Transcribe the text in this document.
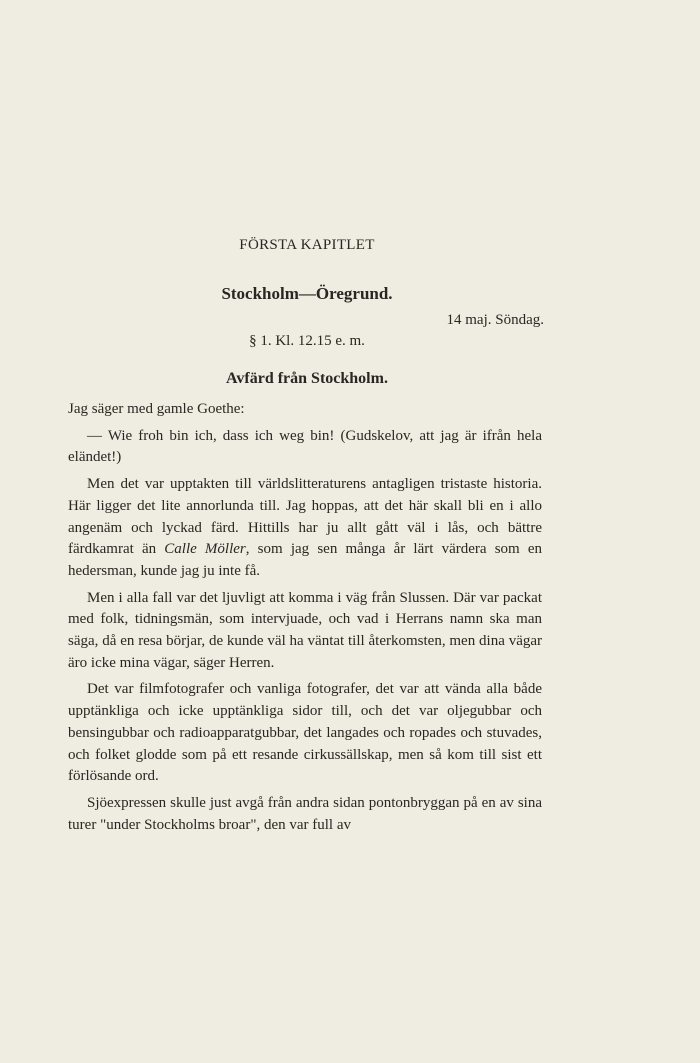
FÖRSTA KAPITLET
Stockholm—Öregrund.
14 maj. Söndag.
§ 1. Kl. 12.15 e. m.
Avfärd från Stockholm.

Jag säger med gamle Goethe:

— Wie froh bin ich, dass ich weg bin! (Gudskelov, att jag är ifrån hela eländet!)

Men det var upptakten till världslitteraturens antagligen tristaste historia. Här ligger det lite annorlunda till. Jag hoppas, att det här skall bli en i allo angenäm och lyckad färd. Hittills har ju allt gått väl i lås, och bättre färdkamrat än Calle Möller, som jag sen många år lärt värdera som en hedersman, kunde jag ju inte få.

Men i alla fall var det ljuvligt att komma i väg från Slussen. Där var packat med folk, tidningsmän, som intervjuade, och vad i Herrans namn ska man säga, då en resa börjar, de kunde väl ha väntat till återkomsten, men dina vägar äro icke mina vägar, säger Herren.

Det var filmfotografer och vanliga fotografer, det var att vända alla både upptänkliga och icke upptänkliga sidor till, och det var oljegubbar och bensingubbar och radioapparatgubbar, det langades och ropades och stuvades, och folket glodde som på ett resande cirkussällskap, men så kom till sist ett förlösande ord.

Sjöexpressen skulle just avgå från andra sidan pontonbryggan på en av sina turer "under Stockholms broar", den var full av
